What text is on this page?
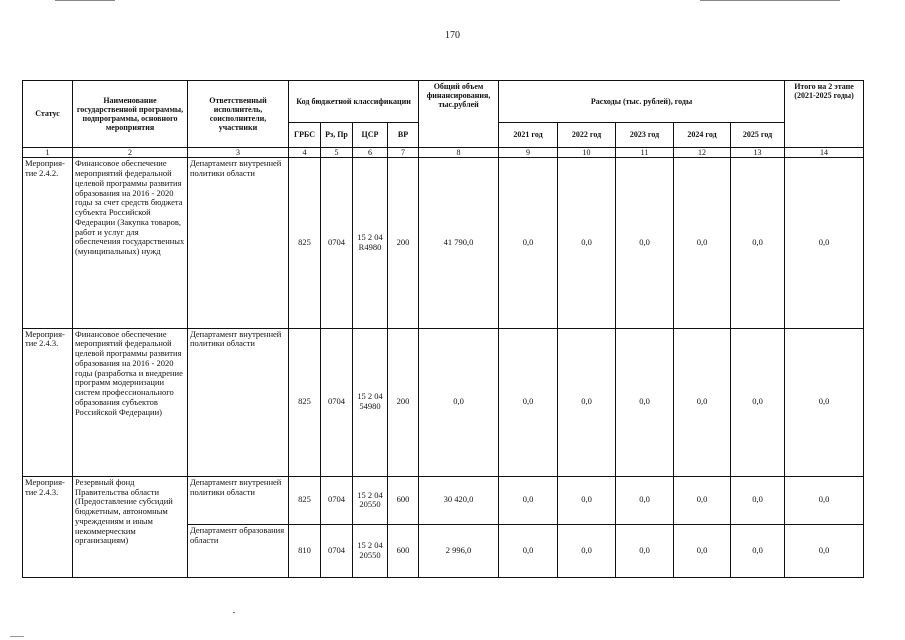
170
Статус	Наименование государственной программы, подпрограммы, основного мероприятия	Ответственный исполнитель, соисполнители, участники	Код бюджетной классификации				Общий объем финансирования, тыс.рублей	Расходы (тыс. рублей), годы					Итого на 2 этапе (2021-2025 годы)
			ГРБС	Рз, Пр	ЦСР	ВР		2021 год	2022 год	2023 год	2024 год	2025 год	
1	2	3	4	5	6	7	8	9	10	11	12	13	14
Мероприя-тие 2.4.2.	Финансовое обеспечение мероприятий федеральной целевой программы развития образования на 2016 - 2020 годы за счет средств бюджета субъекта Российской Федерации (Закупка товаров, работ и услуг для обеспечения государственных (муниципальных) нужд	Департамент внутренней политики области	825	0704	15 2 04 R4980	200	41 790,0	0,0	0,0	0,0	0,0	0,0	0,0
Мероприя-тие 2.4.3.	Финансовое обеспечение мероприятий федеральной целевой программы развития образования на 2016 - 2020 годы (разработка и внедрение программ модернизации систем профессионального образования субъектов Российской Федерации)	Департамент внутренней политики области	825	0704	15 2 04 54980	200	0,0	0,0	0,0	0,0	0,0	0,0	0,0
Мероприя-тие 2.4.3.	Резервный фонд Правительства области (Предоставление субсидий бюджетным, автономным учреждениям и иным некоммерческим организациям)	Департамент внутренней политики области	825	0704	15 2 04 20550	600	30 420,0	0,0	0,0	0,0	0,0	0,0	0,0
		Департамент образования области	810	0704	15 2 04 20550	600	2 996,0	0,0	0,0	0,0	0,0	0,0	0,0
